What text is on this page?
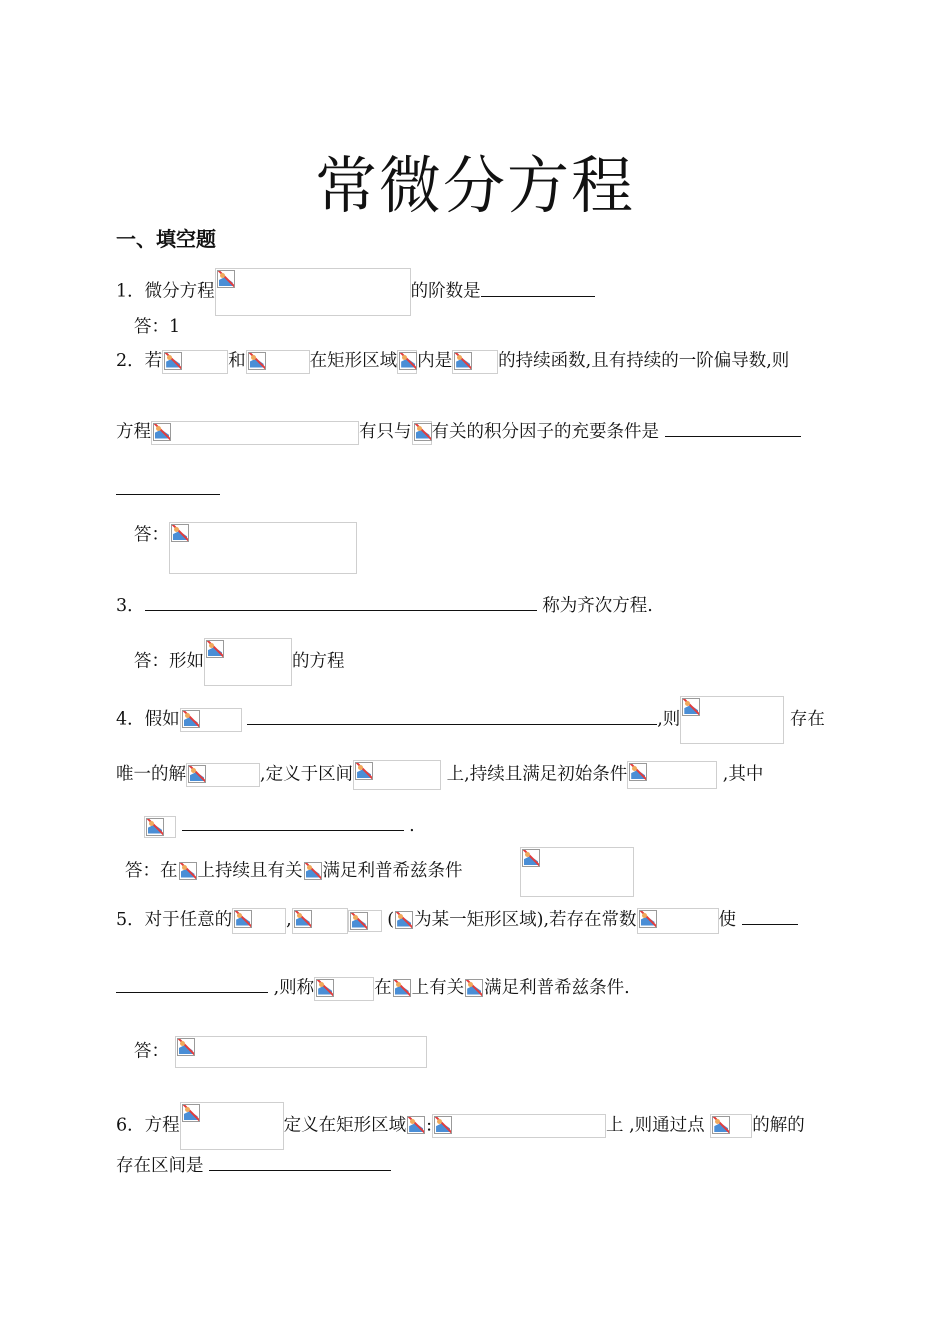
常微分方程
一、填空题
1．微分方程	的阶数是
答：1
2．若	和	在矩形区域 内是	的持续函数,且有持续的一阶偏导数,则
方程	有只与 有关的积分因子的充要条件是
答：
3．	称为齐次方程.
答：形如	的方程
4．假如	,则	存在
唯一的解	,定义于区间	上,持续且满足初始条件	,其中
.
答：在 上持续且有关 满足利普希兹条件
5．对于任意的	,	( 为某一矩形区域),若存在常数	使
,则称	在 上有关 满足利普希兹条件.
答：
6．方程	定义在矩形区域 :	上 ,则通过点	的解的
存在区间是
